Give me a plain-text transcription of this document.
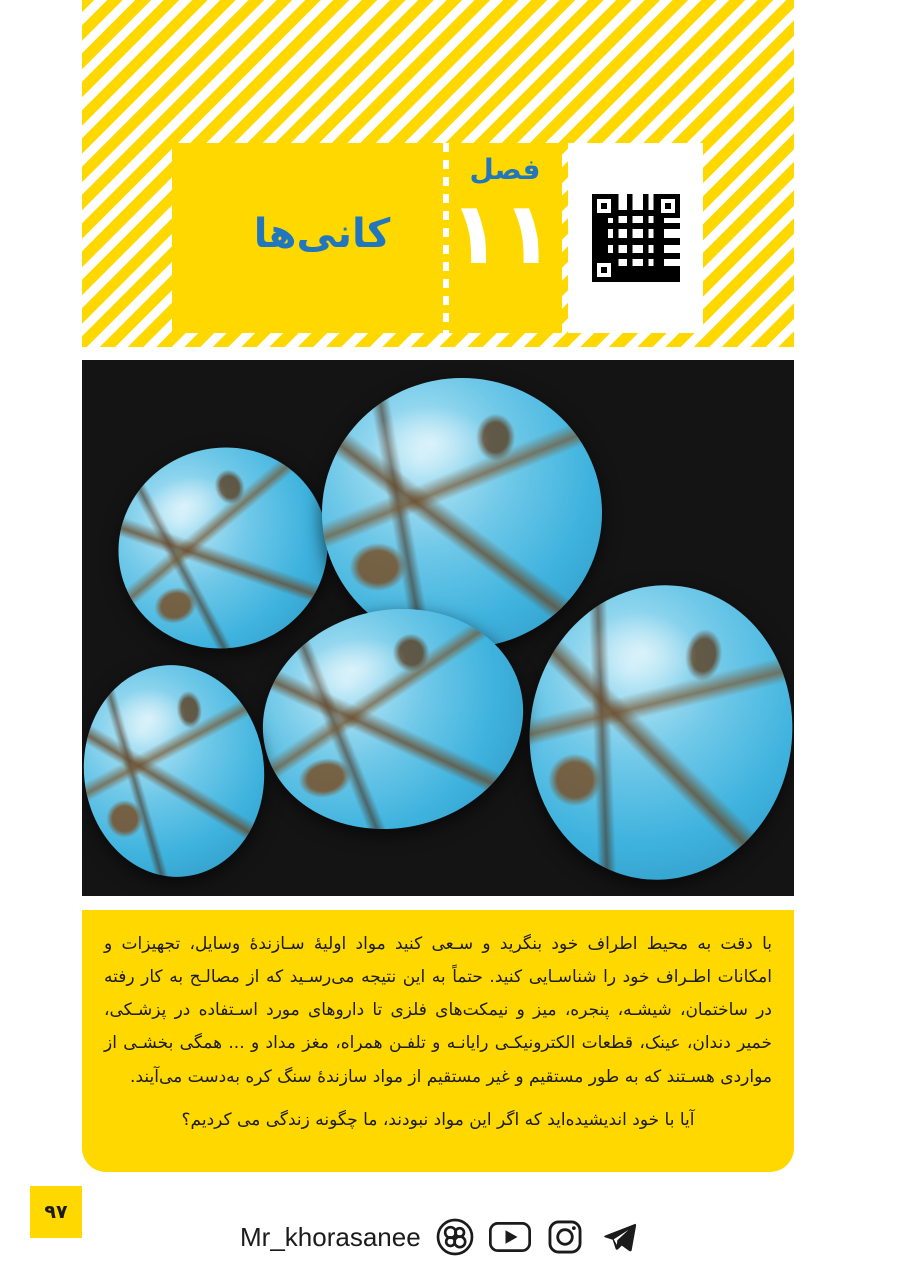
فصل
۱۱
کانی‌ها

با دقت به محیط اطراف خود بنگرید و سـعی کنید مواد اولیهٔ سـازندهٔ وسایل، تجهیزات و امکانات اطـراف خود را شناسـایی کنید. حتماً به این نتیجه می‌رسـید که از مصالـح به کار رفته در ساختمان، شیشـه، پنجره، میز و نیمکت‌های فلزی تا داروهای مورد اسـتفاده در پزشـکی، خمیر دندان، عینک، قطعات الکترونیکـی رایانـه و تلفـن همراه، مغز مداد و ... همگی بخشـی از مواردی هسـتند که به طور مستقیم و غیر مستقیم از مواد سازندهٔ سنگ کره به‌دست می‌آیند.

آیا با خود اندیشیده‌اید که اگر این مواد نبودند، ما چگونه زندگی می کردیم؟

۹۷
Mr_khorasanee
